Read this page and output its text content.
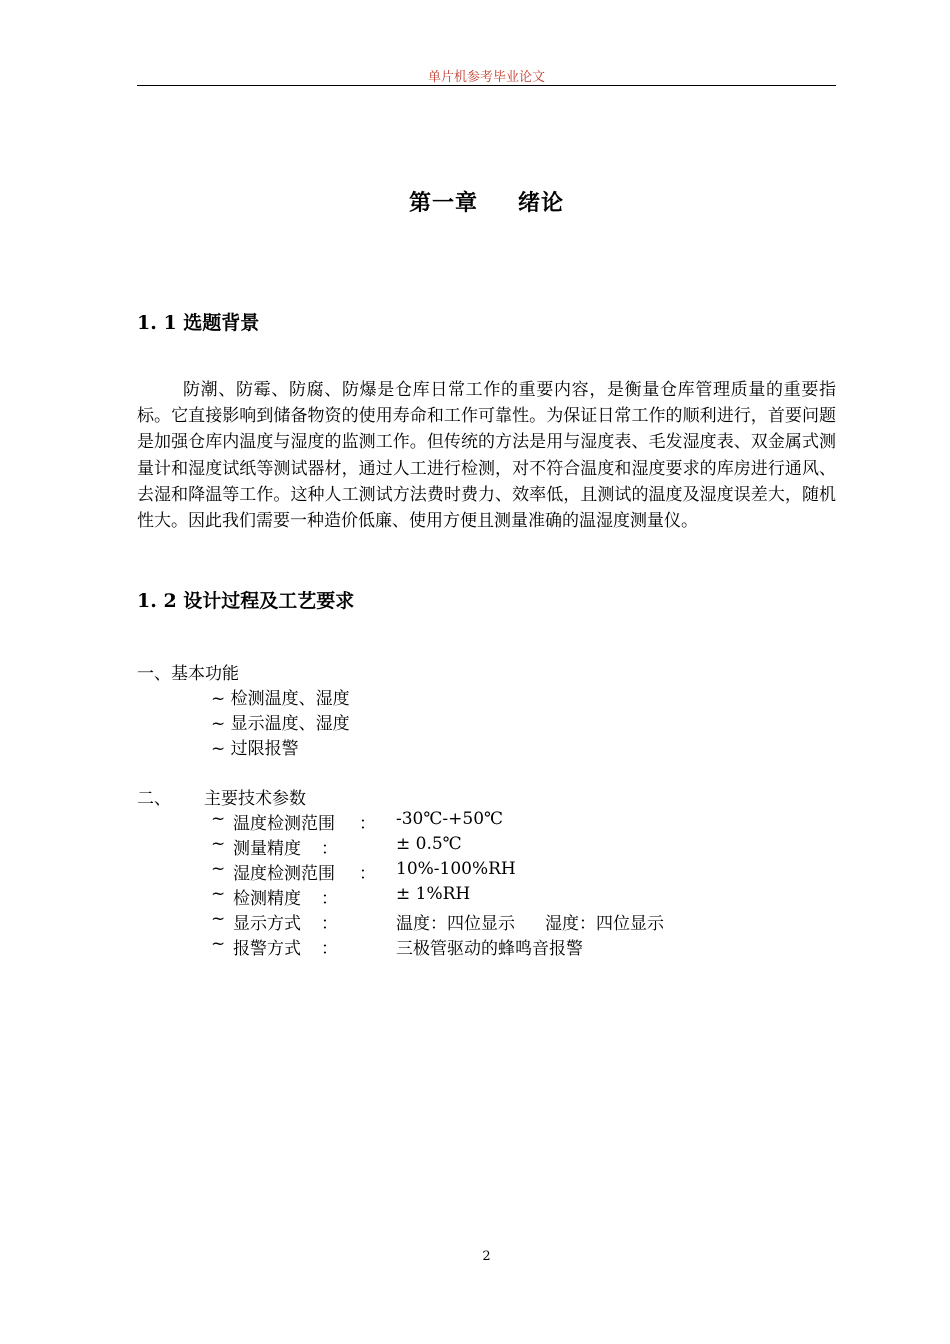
单片机参考毕业论文
第一章 绪论
1. 1 选题背景

防潮、防霉、防腐、防爆是仓库日常工作的重要内容，是衡量仓库管理质量的重要指标。它直接影响到储备物资的使用寿命和工作可靠性。为保证日常工作的顺利进行，首要问题是加强仓库内温度与湿度的监测工作。但传统的方法是用与湿度表、毛发湿度表、双金属式测量计和湿度试纸等测试器材，通过人工进行检测，对不符合温度和湿度要求的库房进行通风、去湿和降温等工作。这种人工测试方法费时费力、效率低，且测试的温度及湿度误差大，随机性大。因此我们需要一种造价低廉、使用方便且测量准确的温湿度测量仪。

1. 2 设计过程及工艺要求
一、基本功能
~ 检测温度、湿度
~ 显示温度、湿度
~ 过限报警
二、 主要技术参数
~ 温度检测范围 ： -30℃-+50℃
~ 测量精度 ：	± 0.5℃
~ 湿度检测范围 ： 10%-100%RH
~ 检测精度 ：	± 1%RH
~ 显示方式 ：	温度：四位显示 湿度：四位显示
~ 报警方式 ：	三极管驱动的蜂鸣音报警
2
